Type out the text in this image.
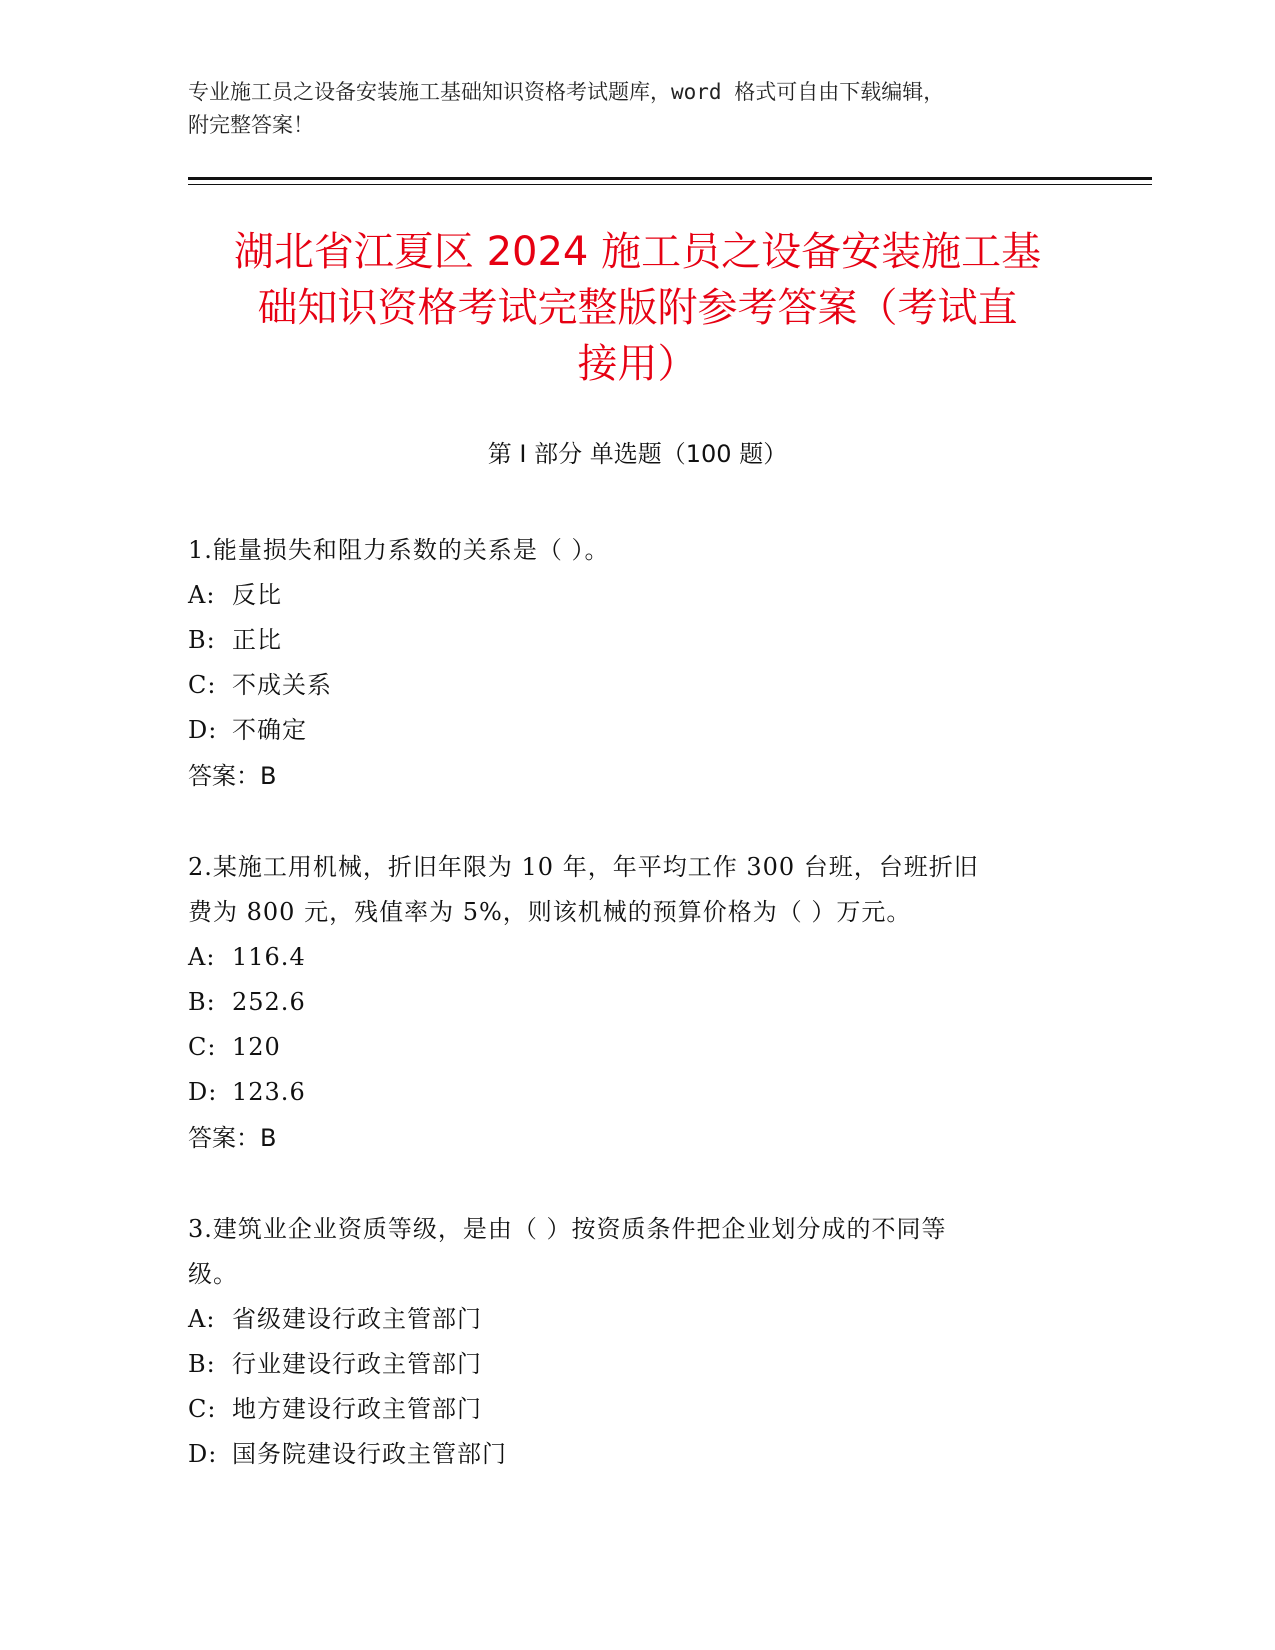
专业施工员之设备安装施工基础知识资格考试题库，word 格式可自由下载编辑，
附完整答案！
湖北省江夏区 2024 施工员之设备安装施工基
础知识资格考试完整版附参考答案（考试直
接用）
第 I 部分 单选题（100 题）
1.能量损失和阻力系数的关系是（ ）。
A: 反比
B: 正比
C: 不成关系
D: 不确定
答案：B
2.某施工用机械，折旧年限为 10 年，年平均工作 300 台班，台班折旧
费为 800 元，残值率为 5%，则该机械的预算价格为（ ）万元。
A: 116.4
B: 252.6
C: 120
D: 123.6
答案：B
3.建筑业企业资质等级，是由（ ）按资质条件把企业划分成的不同等
级。
A: 省级建设行政主管部门
B: 行业建设行政主管部门
C: 地方建设行政主管部门
D: 国务院建设行政主管部门
